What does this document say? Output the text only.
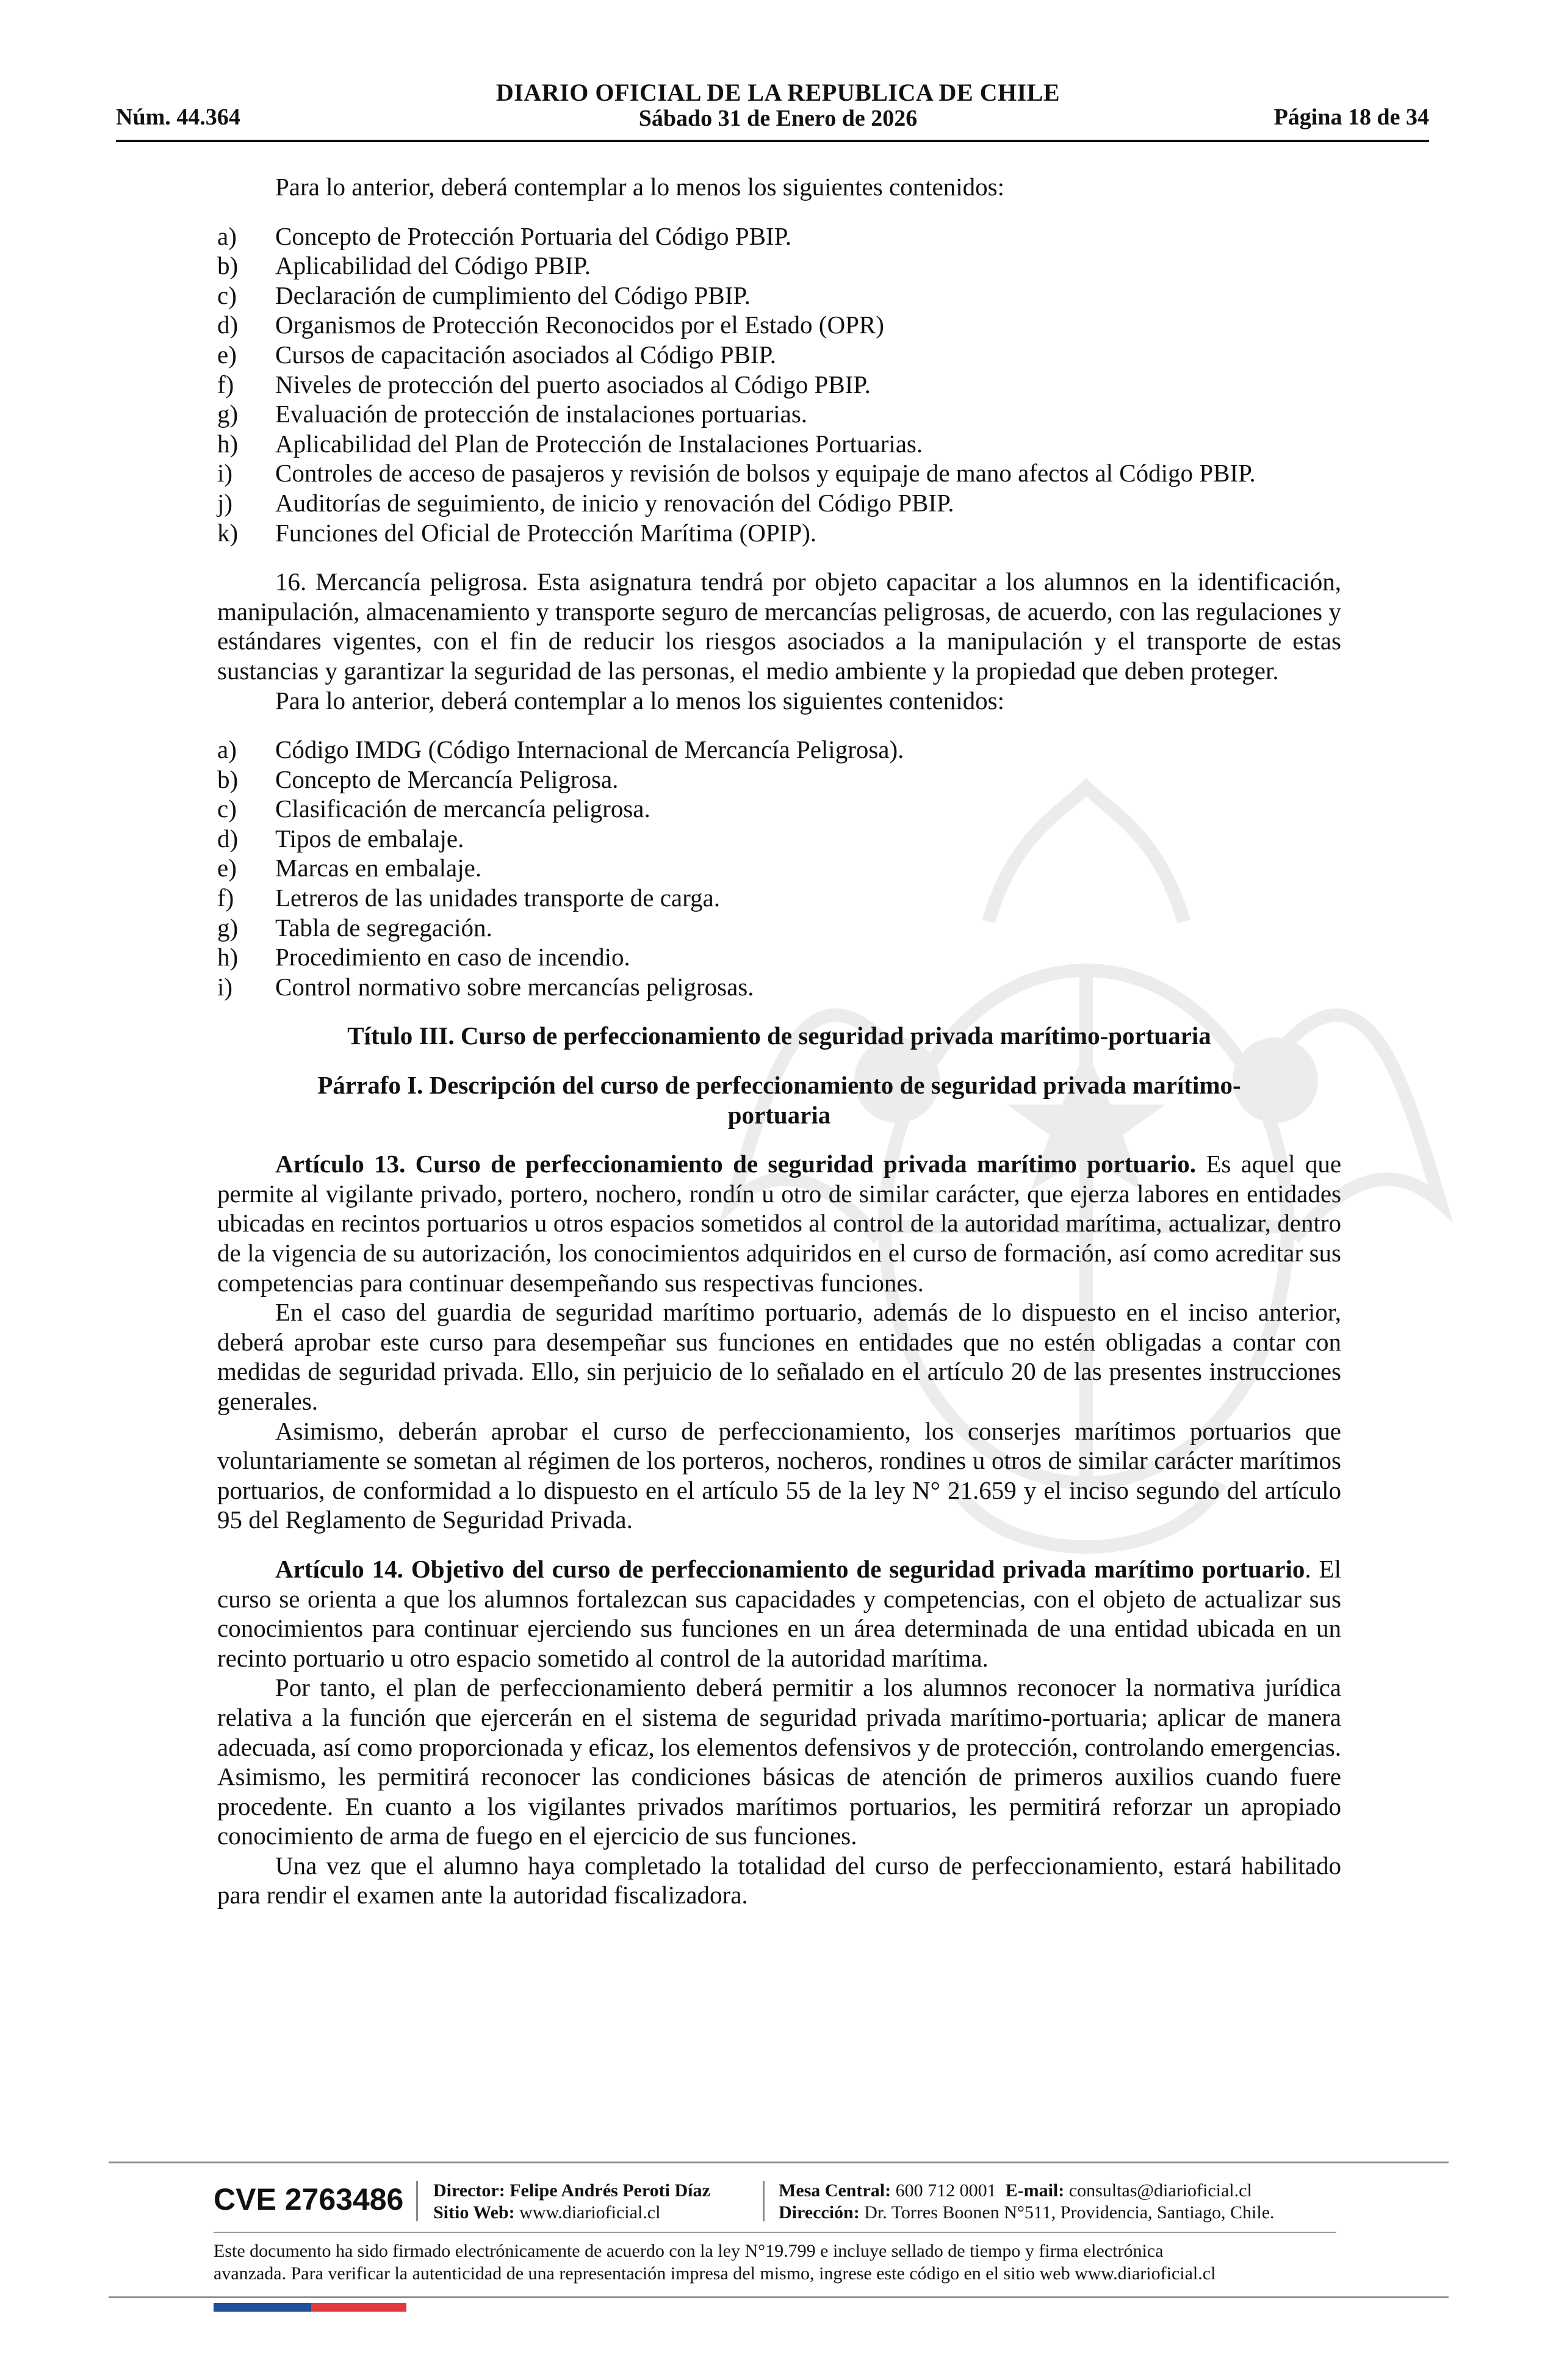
Núm. 44.364
DIARIO OFICIAL DE LA REPUBLICA DE CHILE
Sábado 31 de Enero de 2026	Página 18 de 34

Para lo anterior, deberá contemplar a lo menos los siguientes contenidos:

a) Concepto de Protección Portuaria del Código PBIP.
b) Aplicabilidad del Código PBIP.
c) Declaración de cumplimiento del Código PBIP.
d) Organismos de Protección Reconocidos por el Estado (OPR)
e) Cursos de capacitación asociados al Código PBIP.
f) Niveles de protección del puerto asociados al Código PBIP.
g) Evaluación de protección de instalaciones portuarias.
h) Aplicabilidad del Plan de Protección de Instalaciones Portuarias.
i) Controles de acceso de pasajeros y revisión de bolsos y equipaje de mano afectos al Código PBIP.
j) Auditorías de seguimiento, de inicio y renovación del Código PBIP.
k) Funciones del Oficial de Protección Marítima (OPIP).

16. Mercancía peligrosa. Esta asignatura tendrá por objeto capacitar a los alumnos en la identificación, manipulación, almacenamiento y transporte seguro de mercancías peligrosas, de acuerdo, con las regulaciones y estándares vigentes, con el fin de reducir los riesgos asociados a la manipulación y el transporte de estas sustancias y garantizar la seguridad de las personas, el medio ambiente y la propiedad que deben proteger.

Para lo anterior, deberá contemplar a lo menos los siguientes contenidos:

a) Código IMDG (Código Internacional de Mercancía Peligrosa).
b) Concepto de Mercancía Peligrosa.
c) Clasificación de mercancía peligrosa.
d) Tipos de embalaje.
e) Marcas en embalaje.
f) Letreros de las unidades transporte de carga.
g) Tabla de segregación.
h) Procedimiento en caso de incendio.
i) Control normativo sobre mercancías peligrosas.

Título III. Curso de perfeccionamiento de seguridad privada marítimo-portuaria

Párrafo I. Descripción del curso de perfeccionamiento de seguridad privada marítimo-portuaria

Artículo 13. Curso de perfeccionamiento de seguridad privada marítimo portuario. Es aquel que permite al vigilante privado, portero, nochero, rondín u otro de similar carácter, que ejerza labores en entidades ubicadas en recintos portuarios u otros espacios sometidos al control de la autoridad marítima, actualizar, dentro de la vigencia de su autorización, los conocimientos adquiridos en el curso de formación, así como acreditar sus competencias para continuar desempeñando sus respectivas funciones.

En el caso del guardia de seguridad marítimo portuario, además de lo dispuesto en el inciso anterior, deberá aprobar este curso para desempeñar sus funciones en entidades que no estén obligadas a contar con medidas de seguridad privada. Ello, sin perjuicio de lo señalado en el artículo 20 de las presentes instrucciones generales.

Asimismo, deberán aprobar el curso de perfeccionamiento, los conserjes marítimos portuarios que voluntariamente se sometan al régimen de los porteros, nocheros, rondines u otros de similar carácter marítimos portuarios, de conformidad a lo dispuesto en el artículo 55 de la ley N° 21.659 y el inciso segundo del artículo 95 del Reglamento de Seguridad Privada.

Artículo 14. Objetivo del curso de perfeccionamiento de seguridad privada marítimo portuario. El curso se orienta a que los alumnos fortalezcan sus capacidades y competencias, con el objeto de actualizar sus conocimientos para continuar ejerciendo sus funciones en un área determinada de una entidad ubicada en un recinto portuario u otro espacio sometido al control de la autoridad marítima.

Por tanto, el plan de perfeccionamiento deberá permitir a los alumnos reconocer la normativa jurídica relativa a la función que ejercerán en el sistema de seguridad privada marítimo-portuaria; aplicar de manera adecuada, así como proporcionada y eficaz, los elementos defensivos y de protección, controlando emergencias. Asimismo, les permitirá reconocer las condiciones básicas de atención de primeros auxilios cuando fuere procedente. En cuanto a los vigilantes privados marítimos portuarios, les permitirá reforzar un apropiado conocimiento de arma de fuego en el ejercicio de sus funciones.

Una vez que el alumno haya completado la totalidad del curso de perfeccionamiento, estará habilitado para rendir el examen ante la autoridad fiscalizadora.

CVE 2763486 Director: Felipe Andrés Peroti Díaz
Sitio Web: www.diarioficial.cl
Mesa Central: 600 712 0001 E-mail: consultas@diarioficial.cl
Dirección: Dr. Torres Boonen N°511, Providencia, Santiago, Chile.
Este documento ha sido firmado electrónicamente de acuerdo con la ley N°19.799 e incluye sellado de tiempo y firma electrónica
avanzada. Para verificar la autenticidad de una representación impresa del mismo, ingrese este código en el sitio web www.diarioficial.cl
